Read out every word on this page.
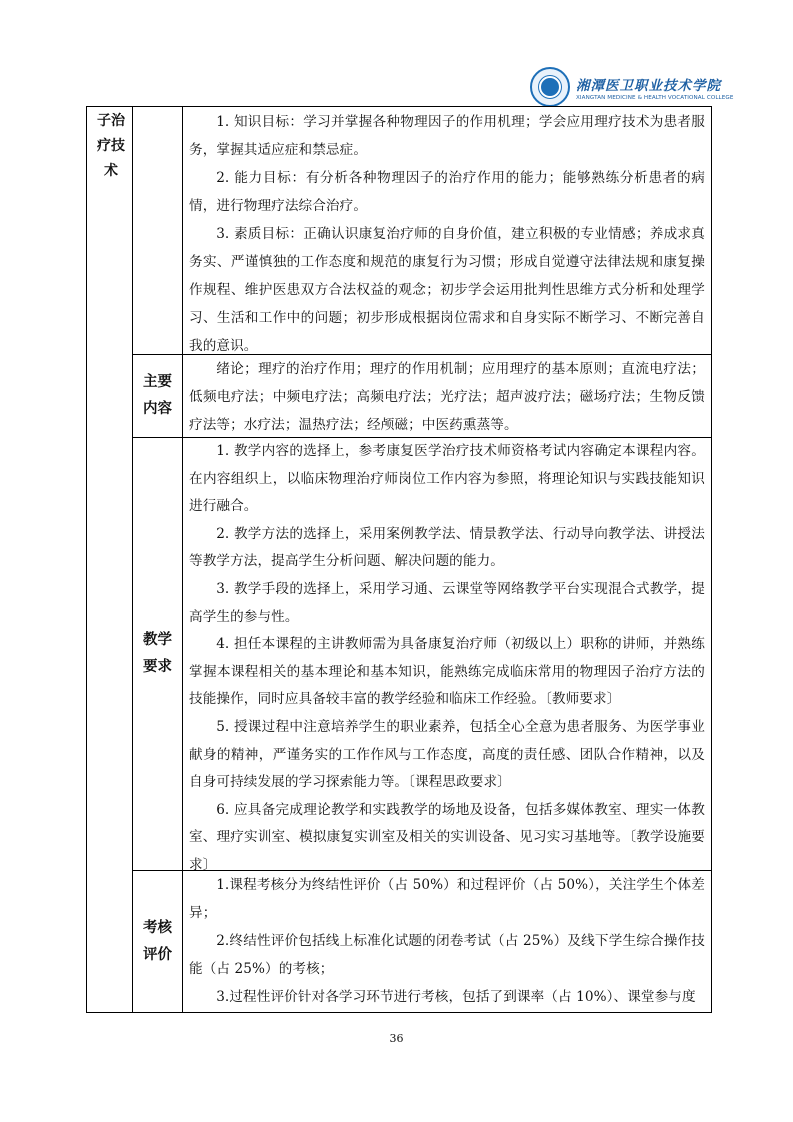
湘潭医卫职业技术学院
XIANGTAN MEDICINE & HEALTH VOCATIONAL COLLEGE
子治
疗技
术

1. 知识目标：学习并掌握各种物理因子的作用机理；学会应用理疗技术为患者服务，掌握其适应症和禁忌症。

2. 能力目标：有分析各种物理因子的治疗作用的能力；能够熟练分析患者的病情，进行物理疗法综合治疗。

3. 素质目标：正确认识康复治疗师的自身价值，建立积极的专业情感；养成求真务实、严谨慎独的工作态度和规范的康复行为习惯；形成自觉遵守法律法规和康复操作规程、维护医患双方合法权益的观念；初步学会运用批判性思维方式分析和处理学习、生活和工作中的问题；初步形成根据岗位需求和自身实际不断学习、不断完善自我的意识。

主要
内容

绪论；理疗的治疗作用；理疗的作用机制；应用理疗的基本原则；直流电疗法；低频电疗法；中频电疗法；高频电疗法；光疗法；超声波疗法；磁场疗法；生物反馈疗法等；水疗法；温热疗法；经颅磁；中医药熏蒸等。

教学
要求

1. 教学内容的选择上，参考康复医学治疗技术师资格考试内容确定本课程内容。在内容组织上，以临床物理治疗师岗位工作内容为参照，将理论知识与实践技能知识进行融合。

2. 教学方法的选择上，采用案例教学法、情景教学法、行动导向教学法、讲授法等教学方法，提高学生分析问题、解决问题的能力。

3. 教学手段的选择上，采用学习通、云课堂等网络教学平台实现混合式教学，提高学生的参与性。

4. 担任本课程的主讲教师需为具备康复治疗师（初级以上）职称的讲师，并熟练掌握本课程相关的基本理论和基本知识，能熟练完成临床常用的物理因子治疗方法的技能操作，同时应具备较丰富的教学经验和临床工作经验。〔教师要求〕

5. 授课过程中注意培养学生的职业素养，包括全心全意为患者服务、为医学事业献身的精神，严谨务实的工作作风与工作态度，高度的责任感、团队合作精神，以及自身可持续发展的学习探索能力等。〔课程思政要求〕

6. 应具备完成理论教学和实践教学的场地及设备，包括多媒体教室、理实一体教室、理疗实训室、模拟康复实训室及相关的实训设备、见习实习基地等。〔教学设施要求〕

考核
评价

1.课程考核分为终结性评价（占 50%）和过程评价（占 50%），关注学生个体差异；

2.终结性评价包括线上标准化试题的闭卷考试（占 25%）及线下学生综合操作技能（占 25%）的考核；

3.过程性评价针对各学习环节进行考核，包括了到课率（占 10%）、课堂参与度

36
